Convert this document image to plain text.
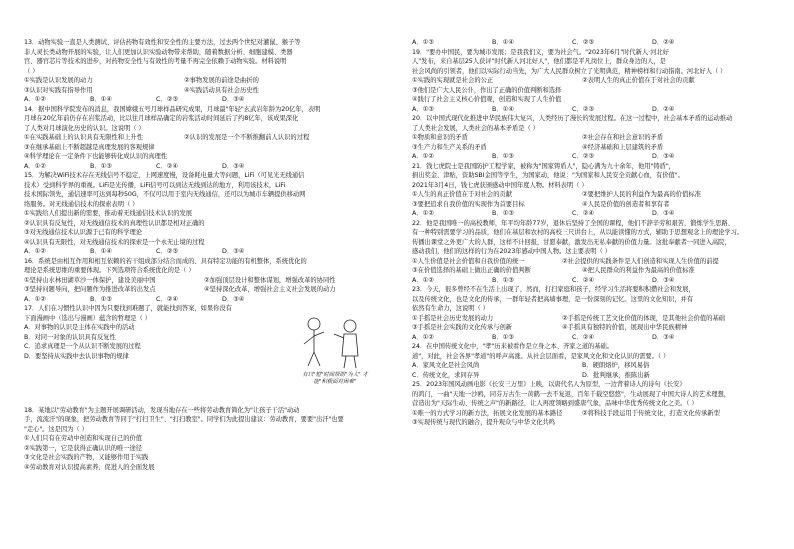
13．动物实验一直是人类测试、评估药物有效性和安全性的主要方法，过去两个世纪对灌鼠、猴子等
非人灵长类动物开展的实验，让人们更加认识实验动物带来帮助，随着数据分析、细胞建模、类器
官、器官芯片等技术的进步，对药物安全性与有效性的考量不再完全依赖于动物实验。材料说明
（ ）
①实践是认识发展的动力	②事物发展的前途是曲折的
③认识对实践有指导作用	④实践活动具有社会历史性
A．①②	B．①④	C．②③	D．③④
14．据中国科学院发布的消息，我国嫦娥五号月球样品研究成果，月球最"年轻"玄武岩年龄为20亿年，表明
月球在20亿年前仍存在岩浆活动，比以往月球样品确定的岩浆活动时间延后了约8亿年，该成果深化
了人类对月球演化历史的认识。这说明（ ）
①在实践基础上的认识具有无限性和上升性	②认识的发展是一个不断推翻前人认识的过程
③在继承基础上不断超越是真理发展的客观规律
④科学理论在一定条件下也能够转化成认识的真理性
A．①②	B．①③	C．②④	D．③④
15．为解决WiFi技术存在无线信号不稳定，上网速度慢，设备耗电量大等问题，LiFi（可见光无线通信
技术）受到科学界的重视。LiFi是光传播，LiFi信号可以到达无线到达的地方，利用该技术，LiFi
技术国际领先，通信速率可达到每秒50G，不仅可以用于室内无线通信，还可以为城市车辆提供移动网
络服务。对无线通信技术的探索表明（ ）
①实践给人们提出新的需要，推动着无线通信技术认识的发展
②认识具有反复性，对无线通信技术的真理性认识都是相对正确的
③对无线通信技术认识源于已有的科学理论
④认识具有无限性，对无线通信技术的探索是一个永无止境的过程
A．①②	B．①④	C．②③	D．③④
16．系统是由相互作用和相互依赖的若干组成部分结合而成的、具有特定功能的有机整体，系统优化的
理论是系统思维的重要体现。下列选项符合系统优化的是（ ）
①坚持山水林田湖草沙一体保护，建设美丽中国	②加强顶层设计和整体谋划，增强改革的协同性
③坚持问题导向，把问题作为推进改革的出发点	④坚持深化改革，增强社会主义社会发展的动力
A．①②	B．①③	C．②④	D．③④
17．人们在习惯性认识中因为只要找到难题了，就能找到答案，如果你没有
有以"短"时间帮助"为人" 才能"积极面对困难"
下面漫画中（选出与漫画）蕴含的哲理是（ ）
A．对事物的认识是主体在实践中的活动
B．对同一对象的认识具有反复性
C．追求真理是一个从认识不断发展的过程
D．要坚持从实践中去认识事物的规律
18．某地以"劳动教育"为主题开展调研活动，发现当地存在一些将劳动教育简化为"让孩子干活"动动
手，流流汗"的现象，把劳动教育等同于"打扫卫生"、"打扫教室"。同学们为此提出建议：劳动教育，要要"出汗"也要
"走心"。这是因为（ ）
①人们只有在劳动中创造和实现自己的价值
②实践第一，它是获得正确认识的唯一途径
③文化是社会实践的产物，又能够作用于实践
④劳动教育对认识提高素养，促进人的全面发展
A．①③	B．①④	C．②③	D．②④
19．"要办中国民，要为城市发展；是我我们义，要为社会气。"2023年6月"时代新人·河北好
人"发布，来自基层25人获评"时代新人河北好人"，他们都是平凡岗位上，群众身边的人，是
社会风尚的引领者，他们以实际行动当先，为广大人民群众树立了光明典范，精神榜样和行动指南。河北好人（ ）
①实践的实现就是社会的公正	②表明人生的真正价值在于对社会的贡献
③他们是广大人民公仆，作出了正确的价值判断和选择
④践行了社会主义核心价值观，创造和实现了人生价值
A．①③	B．①④	C．②③	D．②④
20．以中国式现代化推进中华民族伟大复兴，人类经历了漫长的发展过程。在这一过程中，社会基本矛盾的运动推动
了人类社会发展，人类社会的基本矛盾是（ ）
①物质和意识的矛盾	②社会存在和社会意识的矛盾
③生产力和生产关系的矛盾	④经济基础和上层建筑的矛盾
A．①②	B．①③	C．②③	D．③④
21．钱七虎院士是我国防护工程学家，被称为"国家铸盾人"，隐心满为九十余年，他用"铸盾"，
捐出奖金、津贴，资助SBI金国等学生，为国家动，他说："为国家和人民安全贡献心血，有价值"。
2021年3月4日，钱七虎获颁感动中国年度人物。材料表明（ ）
①人生的真正价值在于对社会的贡献	②要把维护人民的利益作为最高的价值标准
③要把追求自我价值的实现作为首要目标	④人民是价值的创造者和享有者
A．①②	B．①③	C．②④	D．③④
22．他是我国唯一的高校教师，年平均年龄77岁，退休后坚持了全国的课程，他们不辞辛劳和艰苦，锻炼学生思路、
有一种特别需要学习的品质，他们在基层和农村的高校三尺讲台上，从以能读懂的方式，辅助于思想观念上的理论学习。
传播出课堂之外更广大的人群，这样不计回报，甘愿奉献，激发出无私奉献的价值力量。这批奉献者一同进入高院，
感动我们，他们的这样的行为在2023年感动中国人物。这主要表明（ ）
①人生价值是社会价值和自我价值的统一	②社会提供的实践条件是人们创造和实现人生价值的前提
③在价值选择的基础上做出正确的价值判断	④把人民群众的利益作为最高的价值标准
A．①②	B．①③	C．②④	D．③④
23．今天，很多曾经不在生活上出现了，然而，打扫家庭和孩子，经学习生活将要积积攒社会和发展，
以及传统文化，也是文化的传承，一群年轻者把高墙事理，是一份深刻的记忆。这里的文化知识，并有
依然有生命力，这说明（ ）
①手摇是社会历史发展的动力	②手摇是传统工艺文化价值的体现，是其他社会价值的基础
③手摇是社会实践的文化传承与创新	④手摇具有独特的价值，展现出中华民族精神
A．①②	B．①③	C．②④	D．③④
24．在中国传统文化中，"孝"历来被看作是立身之本、齐家之道的基础。
道"，对此，社会各界"孝道"的呼声高涨。从社会层面看，是家风文化和文化认识的需要。（ ）
A．家风文化是社会风尚	B．硬朗熔炉，移风易俗
C．传统文化，求同存异	D．批判继承，推陈出新
25．2023年国风动画电影《长安三万里》上映，以唐代名人为原型，一边背着诗人的诗句《长安》
的鸿门，一曲"天地一沙鸥，同芬万古生一黄鹤一去不复返，百年千载空悠悠"，生动展现了中国大诗人的艺术理想，
营造出为"天际生动、传统之声"的新路径，让人再度领略到盛唐气象，品味中华优秀传统文化之美。（ ）
①唯一的方式学习的新方法，拓展文化发展的基本路径	②将科技手段运用于传统文化，打造文化传承新型
③实现传统与现代的融合，提升观众与中华文化共鸣
